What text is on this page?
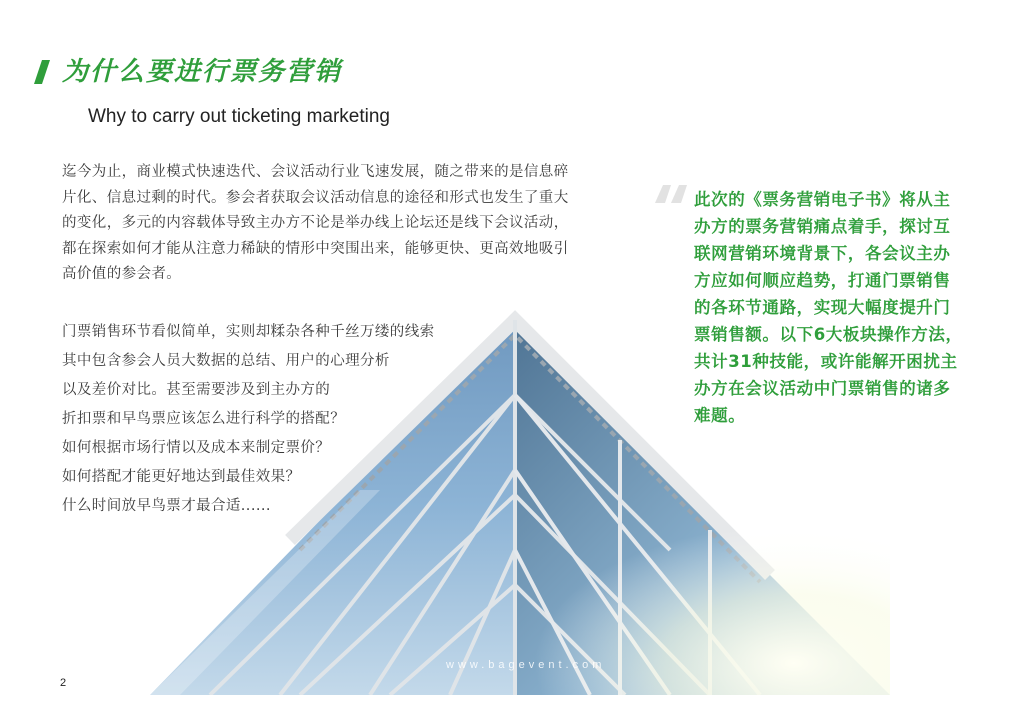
为什么要进行票务营销

Why to carry out ticketing marketing

迄今为止，商业模式快速迭代、会议活动行业飞速发展，随之带来的是信息碎片化、信息过剩的时代。参会者获取会议活动信息的途径和形式也发生了重大的变化，多元的内容载体导致主办方不论是举办线上论坛还是线下会议活动，都在探索如何才能从注意力稀缺的情形中突围出来，能够更快、更高效地吸引高价值的参会者。

门票销售环节看似简单，实则却糅杂各种千丝万缕的线索
其中包含参会人员大数据的总结、用户的心理分析
以及差价对比。甚至需要涉及到主办方的
折扣票和早鸟票应该怎么进行科学的搭配？
如何根据市场行情以及成本来制定票价？
如何搭配才能更好地达到最佳效果？
什么时间放早鸟票才最合适......

此次的《票务营销电子书》将从主办方的票务营销痛点着手，探讨互联网营销环境背景下，各会议主办方应如何顺应趋势，打通门票销售的各环节通路，实现大幅度提升门票销售额。以下6大板块操作方法，共计31种技能，或许能解开困扰主办方在会议活动中门票销售的诸多难题。

www.bagevent.com

2
